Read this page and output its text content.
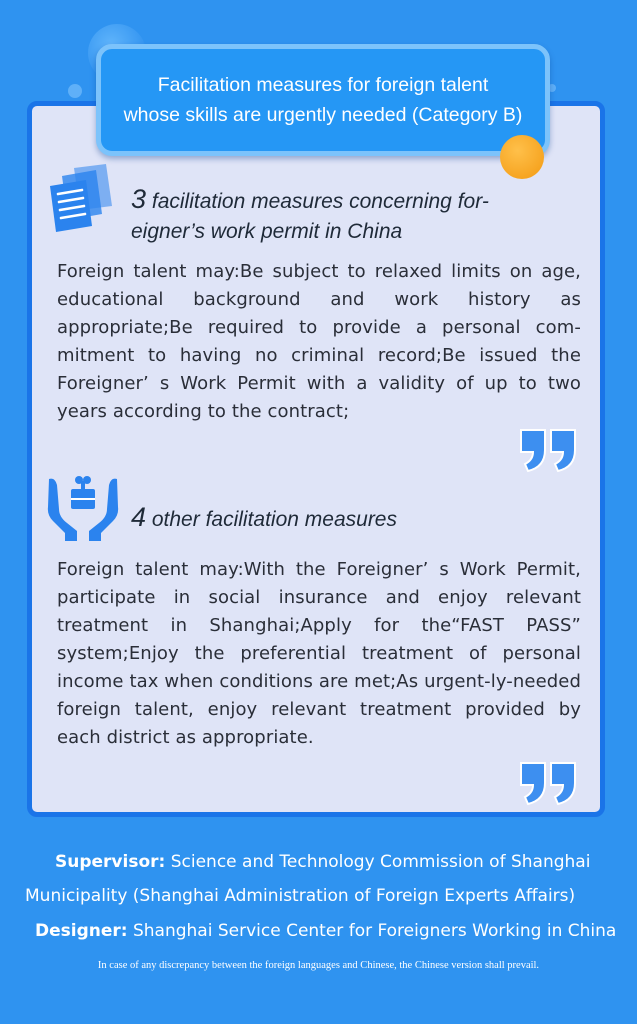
Facilitation measures for foreign talent
whose skills are urgently needed (Category B)
3 facilitation measures concerning for-
eigner’s work permit in China
Foreign talent may:Be subject to relaxed limits on age, educational background and work history as appropriate;Be required to provide a personal com-mitment to having no criminal record;Be issued the Foreigner’ s Work Permit with a validity of up to two years according to the contract;
4 other facilitation measures
Foreign talent may:With the Foreigner’ s Work Permit, participate in social insurance and enjoy relevant treatment in Shanghai;Apply for the“FAST PASS” system;Enjoy the preferential treatment of personal income tax when conditions are met;As urgent-ly-needed foreign talent, enjoy relevant treatment provided by each district as appropriate.
Supervisor: Science and Technology Commission of Shanghai
Municipality (Shanghai Administration of Foreign Experts Affairs)
Designer: Shanghai Service Center for Foreigners Working in China
In case of any discrepancy between the foreign languages and Chinese, the Chinese version shall prevail.
